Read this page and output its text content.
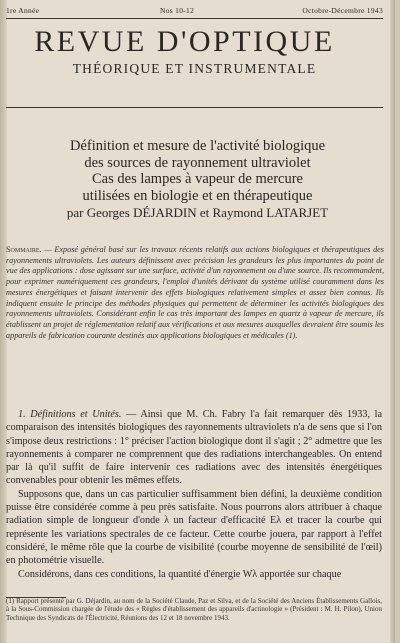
1re Année	Nos 10-12	Octobre-Décembre 1943
REVUE D'OPTIQUE
THÉORIQUE ET INSTRUMENTALE
Définition et mesure de l'activité biologique
des sources de rayonnement ultraviolet
Cas des lampes à vapeur de mercure
utilisées en biologie et en thérapeutique
par Georges DÉJARDIN et Raymond LATARJET
Sommaire. — Exposé général basé sur les travaux récents relatifs aux actions biologiques et thérapeutiques des rayonnements ultraviolets. Les auteurs définissent avec précision les grandeurs les plus importantes du point de vue des applications : dose agissant sur une surface, activité d'un rayonnement ou d'une source. Ils recommandent, pour exprimer numériquement ces grandeurs, l'emploi d'unités dérivant du système utilisé couramment dans les mesures énergétiques et faisant intervenir des effets biologiques relativement simples et assez bien connus. Ils indiquent ensuite le principe des méthodes physiques qui permettent de déterminer les activités biologiques des rayonnements ultraviolets. Considérant enfin le cas très important des lampes en quartz à vapeur de mercure, ils établissent un projet de réglementation relatif aux vérifications et aux mesures auxquelles devraient être soumis les appareils de fabrication courante destinés aux applications biologiques et médicales (1).

1. Définitions et Unités. — Ainsi que M. Ch. Fabry l'a fait remarquer dès 1933, la comparaison des intensités biologiques des rayonnements ultraviolets n'a de sens que si l'on s'impose deux restrictions : 1° préciser l'action biologique dont il s'agit ; 2° admettre que les rayonnements à comparer ne comprennent que des radiations interchangeables. On entend par là qu'il suffit de faire intervenir ces radiations avec des intensités énergétiques convenables pour obtenir les mêmes effets.

Supposons que, dans un cas particulier suffisamment bien défini, la deuxième condition puisse être considérée comme à peu près satisfaite. Nous pourrons alors attribuer à chaque radiation simple de longueur d'onde λ un facteur d'efficacité Eλ et tracer la courbe qui représente les variations spectrales de ce facteur. Cette courbe jouera, par rapport à l'effet considéré, le même rôle que la courbe de visibilité (courbe moyenne de sensibilité de l'œil) en photométrie visuelle.

Considérons, dans ces conditions, la quantité d'énergie Wλ apportée sur chaque

(1) Rapport présenté par G. Déjardin, au nom de la Société Claude, Paz et Silva, et de la Société des Anciens Établissements Gallois, à la Sous-Commission chargée de l'étude des « Règles d'établissement des appareils d'actinologie » (Président : M. H. Pilon), Union Technique des Syndicats de l'Électricité, Réunions des 12 et 18 novembre 1943.
